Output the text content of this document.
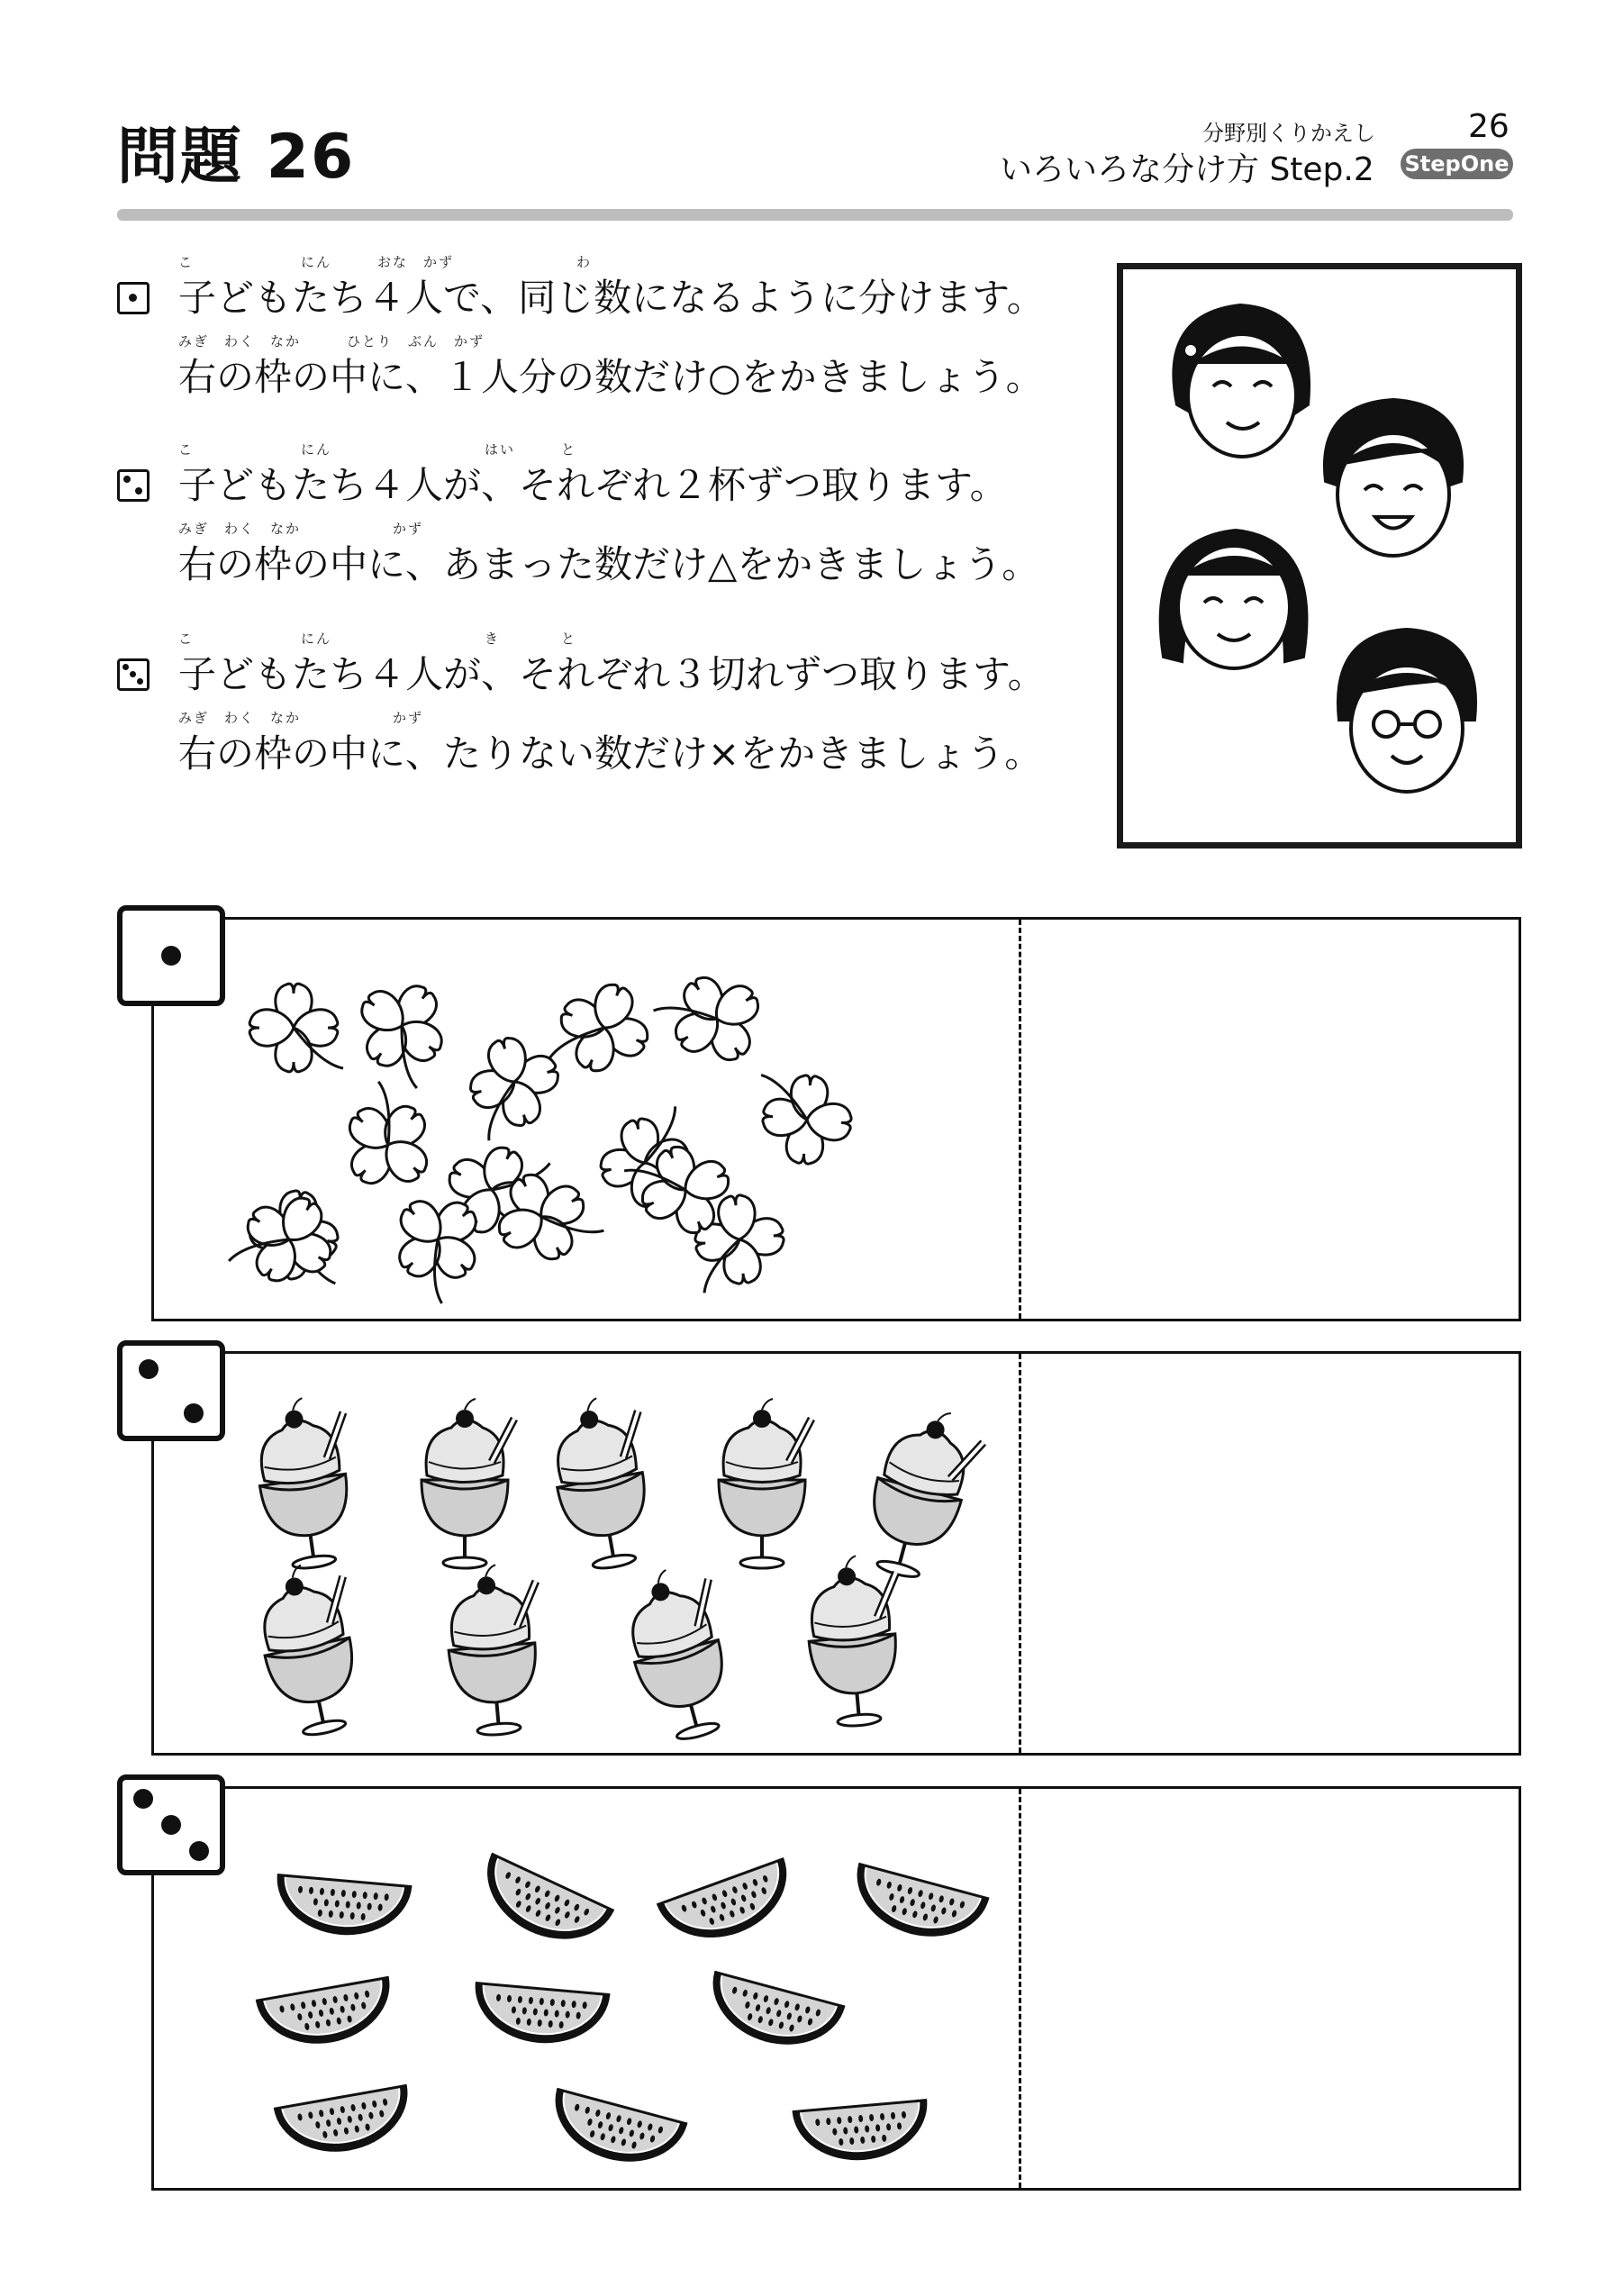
問題 26	分野別くりかえし	26
いろいろな分け方 Step.2 StepOne
こ　　　　　　　にん　　　おな　かず　　　　　　　　わ
子どもたち４人で、同じ数になるように分けます。
みぎ　わく　なか　　　ひとり　ぶん　かず
右の枠の中に、１人分の数だけ○をかきましょう。
こ　　　　　　　にん　　　　　　　　　　はい　　　と
子どもたち４人が、それぞれ２杯ずつ取ります。
みぎ　わく　なか　　　　　　かず
右の枠の中に、あまった数だけ△をかきましょう。
こ　　　　　　　にん　　　　　　　　　　き　　　　と
子どもたち４人が、それぞれ３切れずつ取ります。
みぎ　わく　なか　　　　　　かず
右の枠の中に、たりない数だけ×をかきましょう。
